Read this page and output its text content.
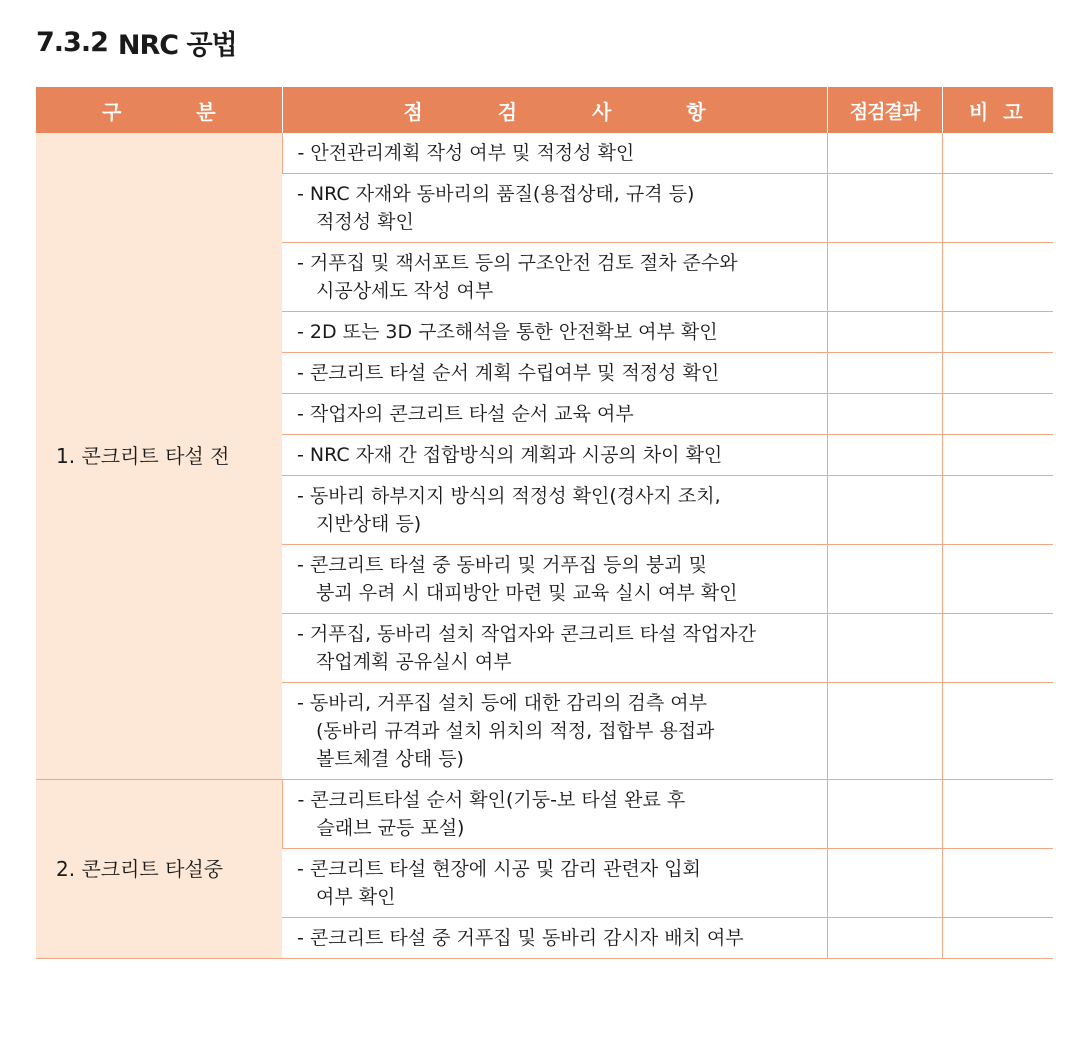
7.3.2 NRC 공법
구 분	점 검 사 항	점검결과	비 고
1. 콘크리트 타설 전	- 안전관리계획 작성 여부 및 적정성 확인		

	- NRC 자재와 동바리의 품질(용접상태, 규격 등)
적정성 확인		

	- 거푸집 및 잭서포트 등의 구조안전 검토 절차 준수와
시공상세도 작성 여부		

	- 2D 또는 3D 구조해석을 통한 안전확보 여부 확인		

	- 콘크리트 타설 순서 계획 수립여부 및 적정성 확인		

	- 작업자의 콘크리트 타설 순서 교육 여부		

	- NRC 자재 간 접합방식의 계획과 시공의 차이 확인		

	- 동바리 하부지지 방식의 적정성 확인(경사지 조치,
지반상태 등)		

	- 콘크리트 타설 중 동바리 및 거푸집 등의 붕괴 및
붕괴 우려 시 대피방안 마련 및 교육 실시 여부 확인		

	- 거푸집, 동바리 설치 작업자와 콘크리트 타설 작업자간
작업계획 공유실시 여부		

	- 동바리, 거푸집 설치 등에 대한 감리의 검측 여부
(동바리 규격과 설치 위치의 적정, 접합부 용접과
볼트체결 상태 등)		

2. 콘크리트 타설중	- 콘크리트타설 순서 확인(기둥-보 타설 완료 후
슬래브 균등 포설)		

	- 콘크리트 타설 현장에 시공 및 감리 관련자 입회
여부 확인		

	- 콘크리트 타설 중 거푸집 및 동바리 감시자 배치 여부		
